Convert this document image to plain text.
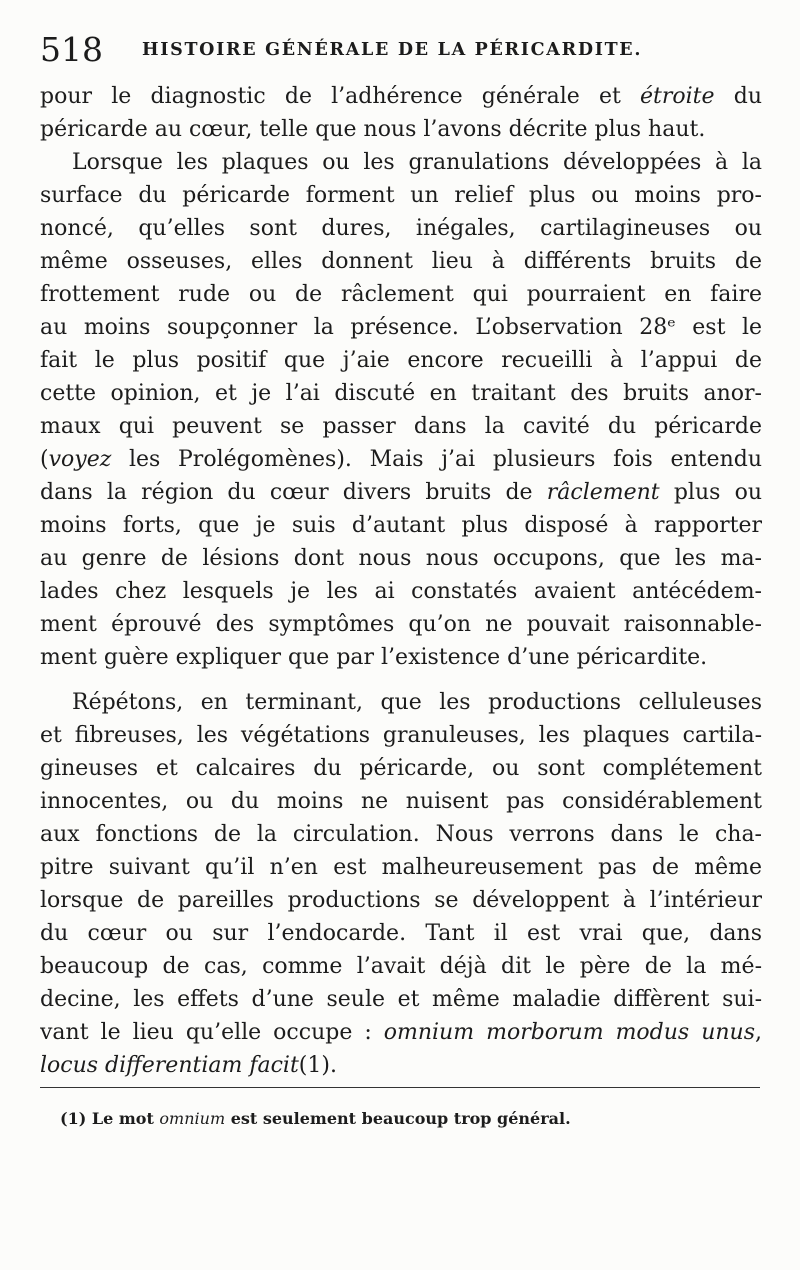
518 HISTOIRE GÉNÉRALE DE LA PÉRICARDITE.
pour le diagnostic de l’adhérence générale et étroite du
péricarde au cœur, telle que nous l’avons décrite plus haut.
Lorsque les plaques ou les granulations développées à la
surface du péricarde forment un relief plus ou moins pro-
noncé, qu’elles sont dures, inégales, cartilagineuses ou
même osseuses, elles donnent lieu à différents bruits de
frottement rude ou de râclement qui pourraient en faire
au moins soupçonner la présence. L’observation 28ᵉ est le
fait le plus positif que j’aie encore recueilli à l’appui de
cette opinion, et je l’ai discuté en traitant des bruits anor-
maux qui peuvent se passer dans la cavité du péricarde
(voyez les Prolégomènes). Mais j’ai plusieurs fois entendu
dans la région du cœur divers bruits de râclement plus ou
moins forts, que je suis d’autant plus disposé à rapporter
au genre de lésions dont nous nous occupons, que les ma-
lades chez lesquels je les ai constatés avaient antécédem-
ment éprouvé des symptômes qu’on ne pouvait raisonnable-
ment guère expliquer que par l’existence d’une péricardite.
Répétons, en terminant, que les productions celluleuses
et fibreuses, les végétations granuleuses, les plaques cartila-
gineuses et calcaires du péricarde, ou sont complétement
innocentes, ou du moins ne nuisent pas considérablement
aux fonctions de la circulation. Nous verrons dans le cha-
pitre suivant qu’il n’en est malheureusement pas de même
lorsque de pareilles productions se développent à l’intérieur
du cœur ou sur l’endocarde. Tant il est vrai que, dans
beaucoup de cas, comme l’avait déjà dit le père de la mé-
decine, les effets d’une seule et même maladie diffèrent sui-
vant le lieu qu’elle occupe : omnium morborum modus unus,
locus differentiam facit(1).
(1) Le mot omnium est seulement beaucoup trop général.
